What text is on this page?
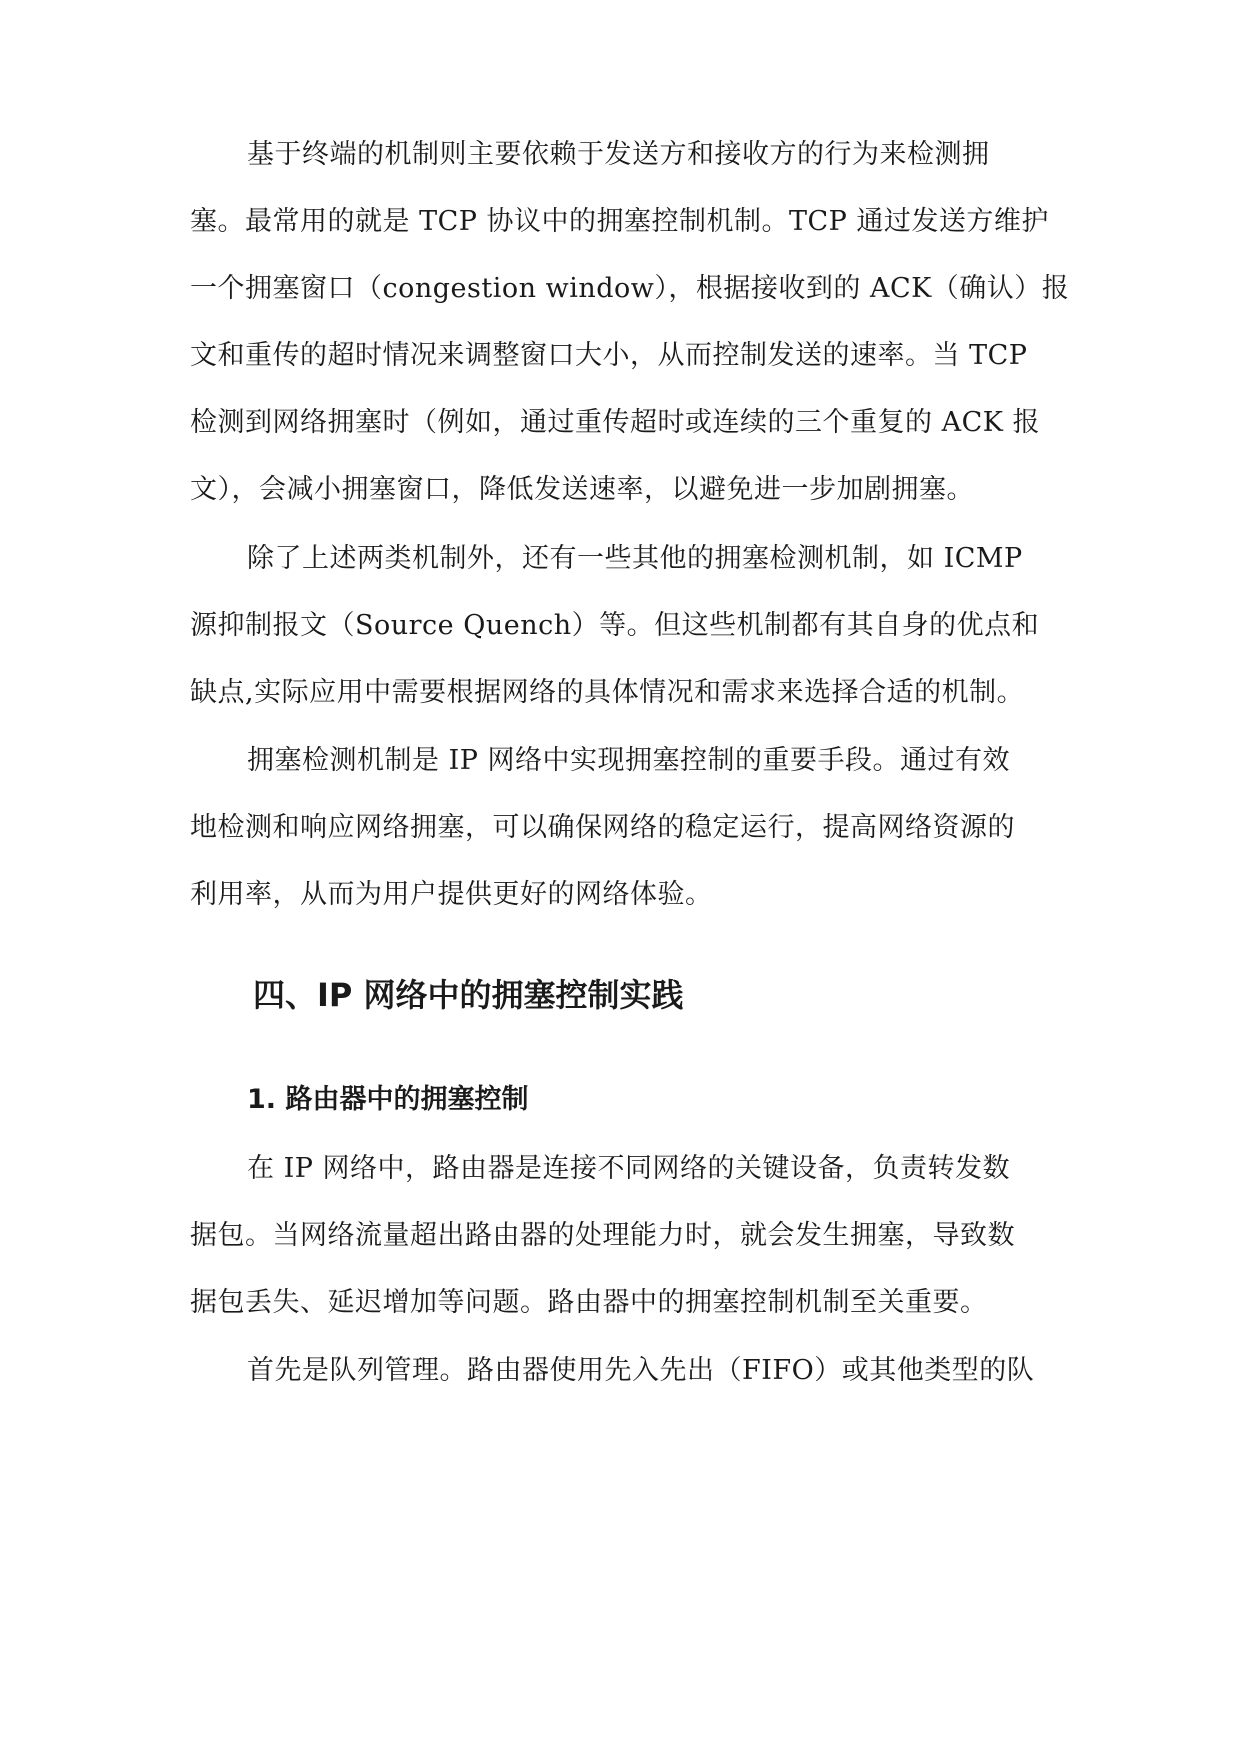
基于终端的机制则主要依赖于发送方和接收方的行为来检测拥
塞。最常用的就是 TCP 协议中的拥塞控制机制。TCP 通过发送方维护
一个拥塞窗口（congestion window），根据接收到的 ACK（确认）报
文和重传的超时情况来调整窗口大小，从而控制发送的速率。当 TCP
检测到网络拥塞时（例如，通过重传超时或连续的三个重复的 ACK 报
文），会减小拥塞窗口，降低发送速率，以避免进一步加剧拥塞。
除了上述两类机制外，还有一些其他的拥塞检测机制，如 ICMP
源抑制报文（Source Quench）等。但这些机制都有其自身的优点和
缺点,实际应用中需要根据网络的具体情况和需求来选择合适的机制。
拥塞检测机制是 IP 网络中实现拥塞控制的重要手段。通过有效
地检测和响应网络拥塞，可以确保网络的稳定运行，提高网络资源的
利用率，从而为用户提供更好的网络体验。
四、IP 网络中的拥塞控制实践
1. 路由器中的拥塞控制
在 IP 网络中，路由器是连接不同网络的关键设备，负责转发数
据包。当网络流量超出路由器的处理能力时，就会发生拥塞，导致数
据包丢失、延迟增加等问题。路由器中的拥塞控制机制至关重要。
首先是队列管理。路由器使用先入先出（FIFO）或其他类型的队
